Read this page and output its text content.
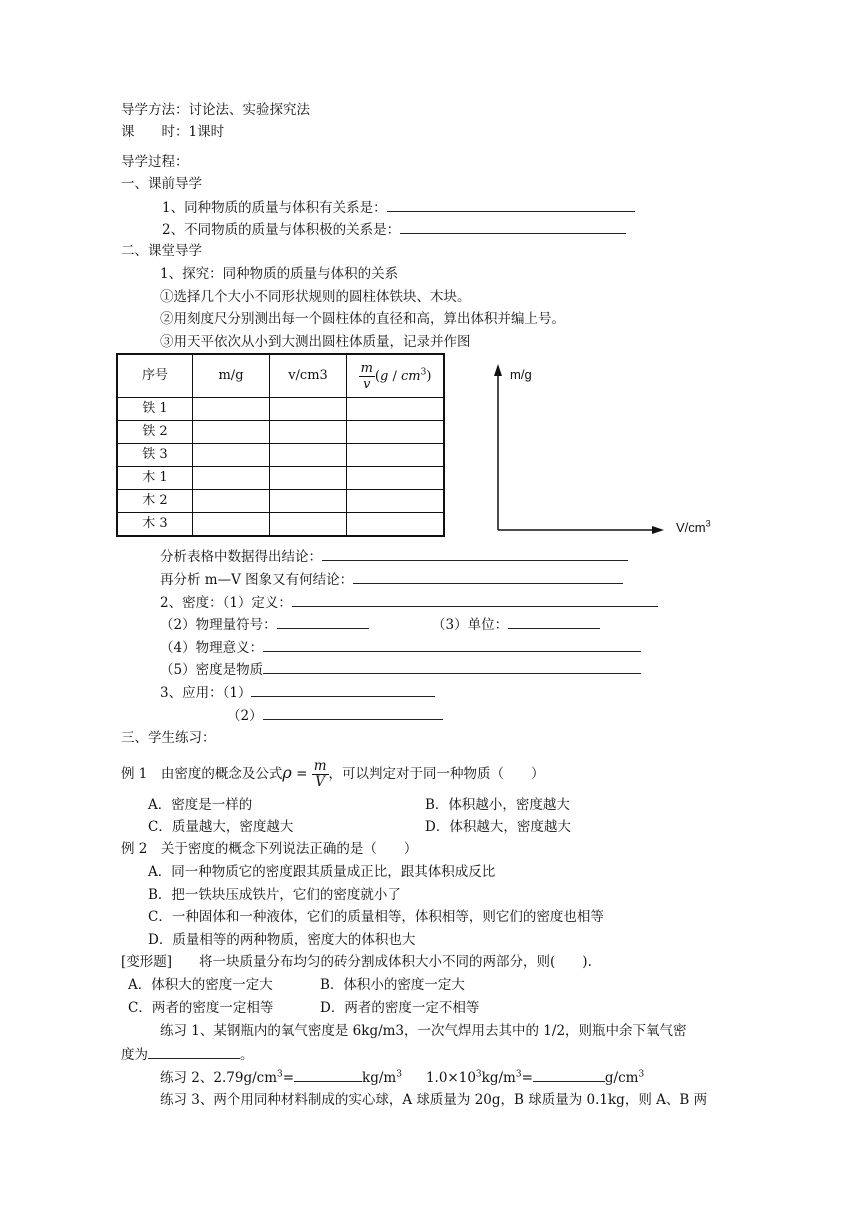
导学方法：讨论法、实验探究法
课　　时：1课时
导学过程：
一、课前导学
1、同种物质的质量与体积有关系是：
2、不同物质的质量与体积极的关系是：
二、课堂导学
1、探究：同种物质的质量与体积的关系
①选择几个大小不同形状规则的圆柱体铁块、木块。
②用刻度尺分别测出每一个圆柱体的直径和高，算出体积并编上号。
③用天平依次从小到大测出圆柱体质量，记录并作图
序号	m/g	v/cm3	$\frac{m}{v} (g / cm^3)$
铁 1			
铁 2			
铁 3			
木 1			
木 2			
木 3			
m/g
$V/cm^3$
分析表格中数据得出结论：
再分析 m—V 图象又有何结论：
2、密度：（1）定义：
（2）物理量符号：	（3）单位：
（4）物理意义：
（5）密度是物质
3、应用：（1）
（2）
三、学生练习：
例 1　由密度的概念及公式$\rho = \frac{m}{V}$ ，可以判定对于同一种物质（　　）
A．密度是一样的	B．体积越小，密度越大
C．质量越大，密度越大	D．体积越大，密度越大
例 2　关于密度的概念下列说法正确的是（　　）
A．同一种物质它的密度跟其质量成正比，跟其体积成反比
B．把一铁块压成铁片，它们的密度就小了
C．一种固体和一种液体，它们的质量相等，体积相等，则它们的密度也相等
D．质量相等的两种物质，密度大的体积也大
[变形题]　　将一块质量分布均匀的砖分割成体积大小不同的两部分，则(　　).
A．体积大的密度一定大	B．体积小的密度一定大
C．两者的密度一定相等	D．两者的密度一定不相等
练习 1、某钢瓶内的氧气密度是 6kg/m3，一次气焊用去其中的 1/2，则瓶中余下氧气密
度为	。
练习 2、$2.79g/cm^3=$	$kg/m^3$ $1.0\times 10^3kg/m^3=$	$g/cm^3$
练习 3、两个用同种材料制成的实心球，A 球质量为 20g，B 球质量为 0.1kg，则 A、B 两
